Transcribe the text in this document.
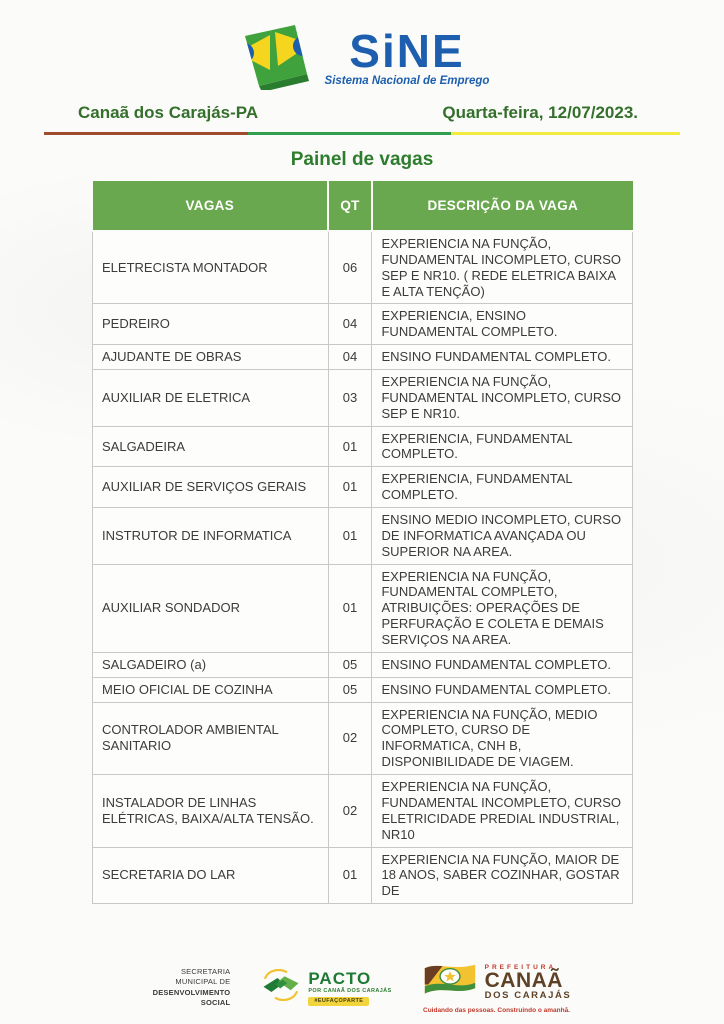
SiNE
Sistema Nacional de Emprego
Canaã dos Carajás-PA	Quarta-feira, 12/07/2023.
Painel de vagas
VAGAS	QT	DESCRIÇÃO DA VAGA
ELETRECISTA MONTADOR	06	EXPERIENCIA NA FUNÇÃO, FUNDAMENTAL INCOMPLETO, CURSO SEP E NR10. ( REDE ELETRICA BAIXA E ALTA TENÇÃO)
PEDREIRO	04	EXPERIENCIA, ENSINO FUNDAMENTAL COMPLETO.
AJUDANTE DE OBRAS	04	ENSINO FUNDAMENTAL COMPLETO.
AUXILIAR DE ELETRICA	03	EXPERIENCIA NA FUNÇÃO, FUNDAMENTAL INCOMPLETO, CURSO SEP E NR10.
SALGADEIRA	01	EXPERIENCIA, FUNDAMENTAL COMPLETO.
AUXILIAR DE SERVIÇOS GERAIS	01	EXPERIENCIA, FUNDAMENTAL COMPLETO.
INSTRUTOR DE INFORMATICA	01	ENSINO MEDIO INCOMPLETO, CURSO DE INFORMATICA AVANÇADA OU SUPERIOR NA AREA.
AUXILIAR SONDADOR	01	EXPERIENCIA NA FUNÇÃO, FUNDAMENTAL COMPLETO, ATRIBUIÇÕES: OPERAÇÕES DE PERFURAÇÃO E COLETA E DEMAIS SERVIÇOS NA AREA.
SALGADEIRO (a)	05	ENSINO FUNDAMENTAL COMPLETO.
MEIO OFICIAL DE COZINHA	05	ENSINO FUNDAMENTAL COMPLETO.
CONTROLADOR AMBIENTAL SANITARIO	02	EXPERIENCIA NA FUNÇÃO, MEDIO COMPLETO, CURSO DE INFORMATICA, CNH B, DISPONIBILIDADE DE VIAGEM.
INSTALADOR DE LINHAS ELÉTRICAS, BAIXA/ALTA TENSÃO.	02	EXPERIENCIA NA FUNÇÃO, FUNDAMENTAL INCOMPLETO, CURSO ELETRICIDADE PREDIAL INDUSTRIAL, NR10
SECRETARIA DO LAR	01	EXPERIENCIA NA FUNÇÃO, MAIOR DE 18 ANOS, SABER COZINHAR, GOSTAR DE
SECRETARIA
MUNICIPAL DE
DESENVOLVIMENTO
SOCIAL
PACTO
POR CANAÃ DOS CARAJÁS
#EUFAÇOPARTE
PREFEITURA
CANAÃ
DOS CARAJÁS
Cuidando das pessoas. Construindo o amanhã.
